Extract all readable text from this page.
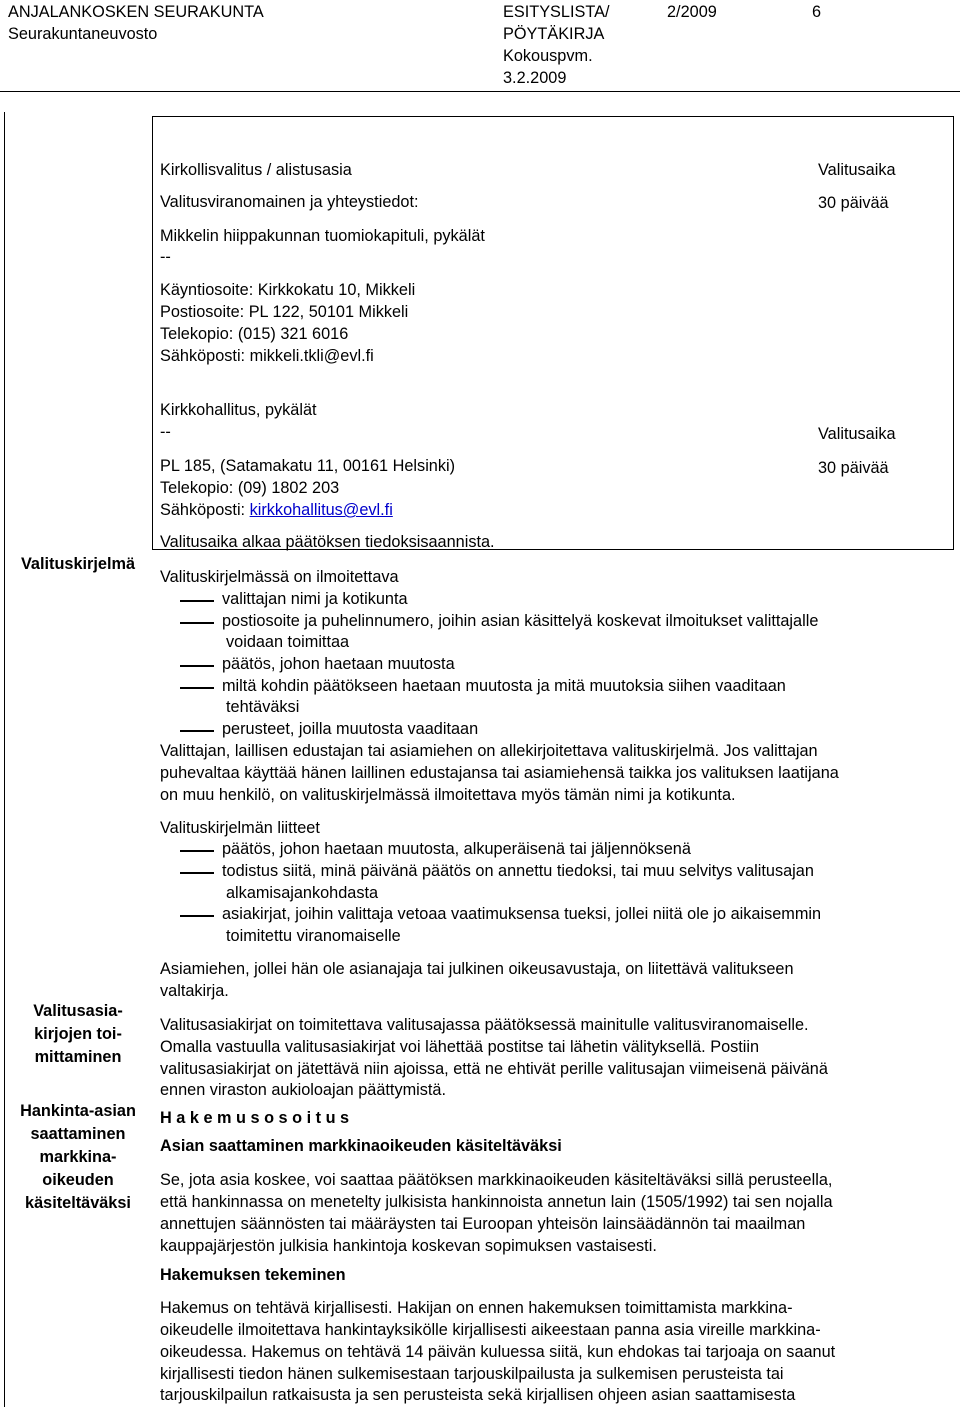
ANJALANKOSKEN SEURAKUNTA
Seurakuntaneuvosto
ESITYSLISTA/
PÖYTÄKIRJA
Kokouspvm.
3.2.2009
2/2009	6
Kirkollisvalitus / alistusasia
Valitusviranomainen ja yhteystiedot:
Mikkelin hiippakunnan tuomiokapituli, pykälät
--
Käyntiosoite: Kirkkokatu 10, Mikkeli
Postiosoite: PL 122, 50101 Mikkeli
Telekopio: (015) 321 6016
Sähköposti: mikkeli.tkli@evl.fi
Valitusaika
30 päivää
Kirkkohallitus, pykälät
--
PL 185, (Satamakatu 11, 00161 Helsinki)
Telekopio: (09) 1802 203
Sähköposti: kirkkohallitus@evl.fi
Valitusaika alkaa päätöksen tiedoksisaannista.
Valitusaika
30 päivää
Valituskirjelmä
Valitusasia-
kirjojen toi-
mittaminen
Hankinta-asian
saattaminen
markkina-
oikeuden
käsiteltäväksi
Valituskirjelmässä on ilmoitettava
valittajan nimi ja kotikunta
postiosoite ja puhelinnumero, joihin asian käsittelyä koskevat ilmoitukset valittajalle
voidaan toimittaa
päätös, johon haetaan muutosta
miltä kohdin päätökseen haetaan muutosta ja mitä muutoksia siihen vaaditaan
tehtäväksi
perusteet, joilla muutosta vaaditaan
Valittajan, laillisen edustajan tai asiamiehen on allekirjoitettava valituskirjelmä. Jos valittajan
puhevaltaa käyttää hänen laillinen edustajansa tai asiamiehensä taikka jos valituksen laatijana
on muu henkilö, on valituskirjelmässä ilmoitettava myös tämän nimi ja kotikunta.
Valituskirjelmän liitteet
päätös, johon haetaan muutosta, alkuperäisenä tai jäljennöksenä
todistus siitä, minä päivänä päätös on annettu tiedoksi, tai muu selvitys valitusajan
alkamisajankohdasta
asiakirjat, joihin valittaja vetoaa vaatimuksensa tueksi, jollei niitä ole jo aikaisemmin
toimitettu viranomaiselle
Asiamiehen, jollei hän ole asianajaja tai julkinen oikeusavustaja, on liitettävä valitukseen
valtakirja.
Valitusasiakirjat on toimitettava valitusajassa päätöksessä mainitulle valitusviranomaiselle.
Omalla vastuulla valitusasiakirjat voi lähettää postitse tai lähetin välityksellä. Postiin
valitusasiakirjat on jätettävä niin ajoissa, että ne ehtivät perille valitusajan viimeisenä päivänä
ennen viraston aukioloajan päättymistä.
H a k e m u s o s o i t u s
Asian saattaminen markkinaoikeuden käsiteltäväksi
Se, jota asia koskee, voi saattaa päätöksen markkinaoikeuden käsiteltäväksi sillä perusteella,
että hankinnassa on menetelty julkisista hankinnoista annetun lain (1505/1992) tai sen nojalla
annettujen säännösten tai määräysten tai Euroopan yhteisön lainsäädännön tai maailman
kauppajärjestön julkisia hankintoja koskevan sopimuksen vastaisesti.
Hakemuksen tekeminen
Hakemus on tehtävä kirjallisesti. Hakijan on ennen hakemuksen toimittamista markkina-
oikeudelle ilmoitettava hankintayksikölle kirjallisesti aikeestaan panna asia vireille markkina-
oikeudessa. Hakemus on tehtävä 14 päivän kuluessa siitä, kun ehdokas tai tarjoaja on saanut
kirjallisesti tiedon hänen sulkemisestaan tarjouskilpailusta ja sulkemisen perusteista tai
tarjouskilpailun ratkaisusta ja sen perusteista sekä kirjallisen ohjeen asian saattamisesta
